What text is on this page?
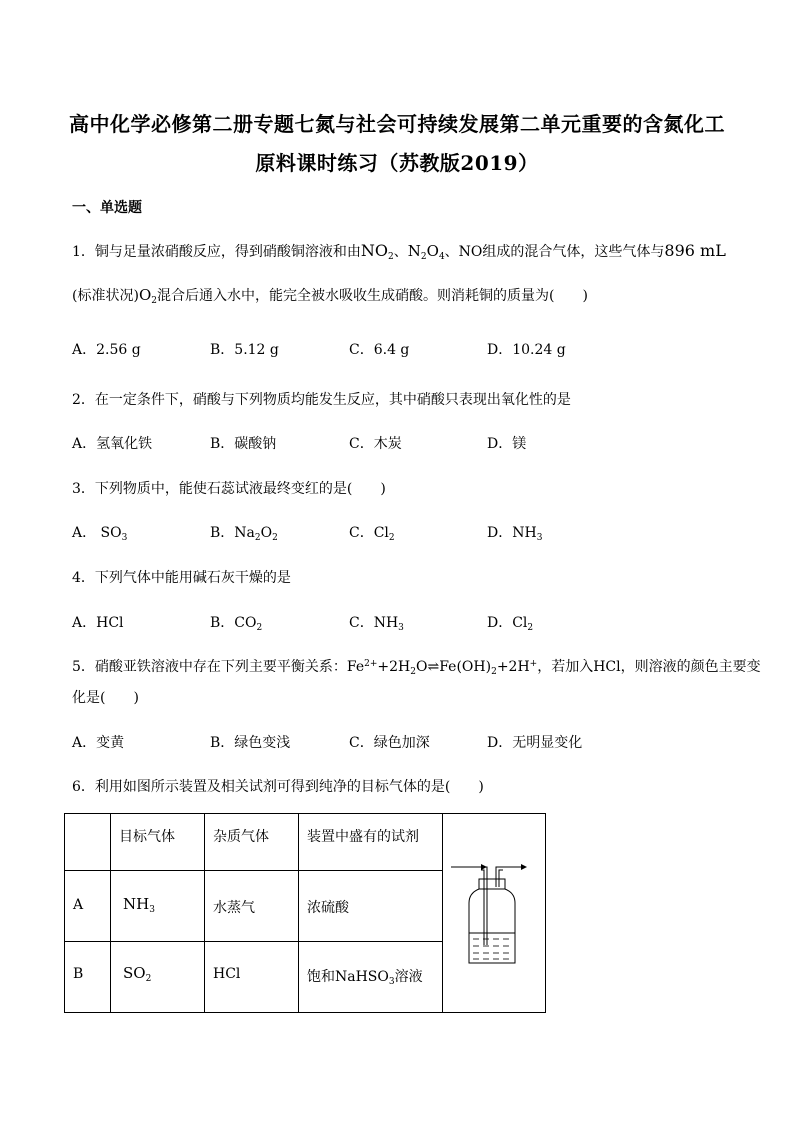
高中化学必修第二册专题七氮与社会可持续发展第二单元重要的含氮化工
原料课时练习（苏教版2019）
一、单选题
1．铜与足量浓硝酸反应，得到硝酸铜溶液和由$NO_2$、$N_2O_4$、NO组成的混合气体，这些气体与896 mL
(标准状况)$O_2$混合后通入水中，能完全被水吸收生成硝酸。则消耗铜的质量为(　　)
A．2.56 g	B．5.12 g	C．6.4 g	D．10.24 g
2．在一定条件下，硝酸与下列物质均能发生反应，其中硝酸只表现出氧化性的是
A．氢氧化铁	B．碳酸钠	C．木炭	D．镁
3．下列物质中，能使石蕊试液最终变红的是(　　)
A． $SO_3$	B．$Na_2O_2$	C．$Cl_2$	D．$NH_3$
4．下列气体中能用碱石灰干燥的是
A．HCl	B．$CO_2$	C．$NH_3$	D．$Cl_2$
5．硝酸亚铁溶液中存在下列主要平衡关系：$Fe^{2+}+2H_2O\rightleftharpoons Fe(OH)_2+2H^+$，若加入HCl，则溶液的颜色主要变
化是(　　)
A．变黄	B．绿色变浅	C．绿色加深	D．无明显变化
6．利用如图所示装置及相关试剂可得到纯净的目标气体的是(　　)
	目标气体	杂质气体	装置中盛有的试剂	
A	$NH_3$	水蒸气	浓硫酸	
B	$SO_2$	HCl	饱和NaHSO$_3$溶液	
